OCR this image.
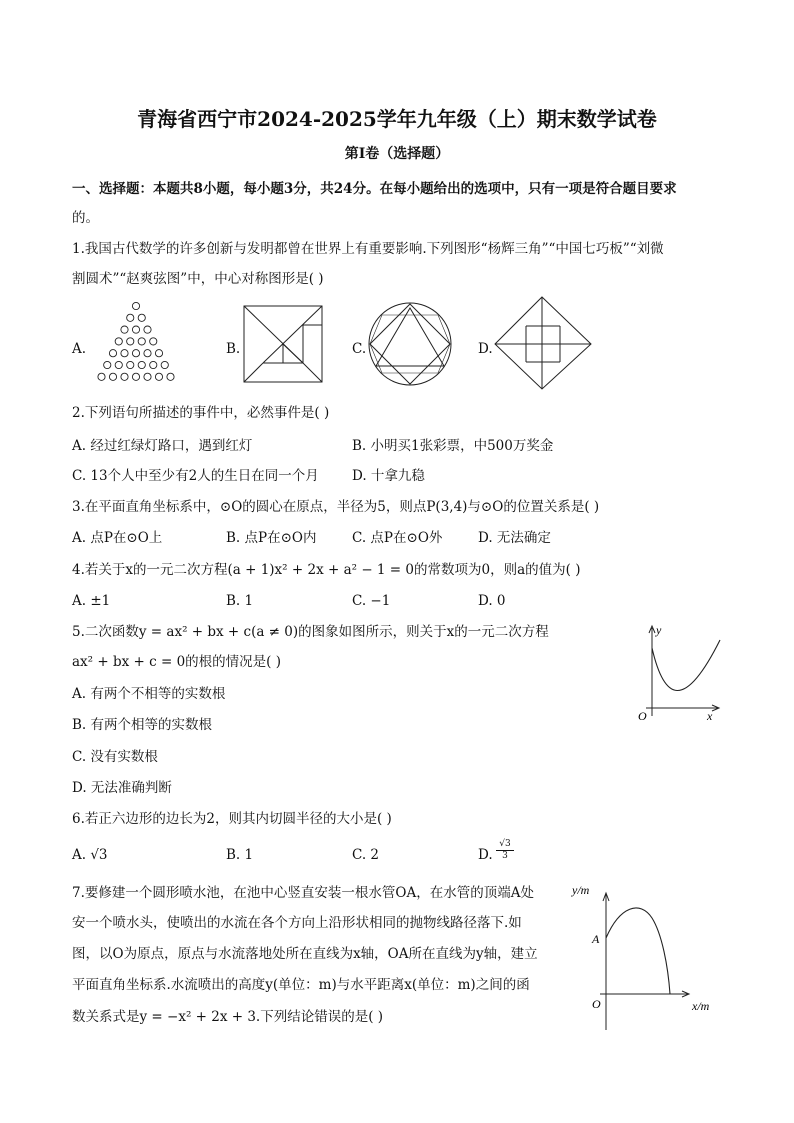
青海省西宁市2024-2025学年九年级（上）期末数学试卷
第Ⅰ卷（选择题）
一、选择题：本题共8小题，每小题3分，共24分。在每小题给出的选项中，只有一项是符合题目要求
的。
1.我国古代数学的许多创新与发明都曾在世界上有重要影响.下列图形“杨辉三角”“中国七巧板”“刘微
割圆术”“赵爽弦图”中，中心对称图形是( )
A.	B.	C.	D.
2.下列语句所描述的事件中，必然事件是( )
A. 经过红绿灯路口，遇到红灯	B. 小明买1张彩票，中500万奖金
C. 13个人中至少有2人的生日在同一个月 D. 十拿九稳
3.在平面直角坐标系中，⊙O的圆心在原点，半径为5，则点P(3,4)与⊙O的位置关系是( )
A. 点P在⊙O上	B. 点P在⊙O内	C. 点P在⊙O外	D. 无法确定
4.若关于x的一元二次方程(a + 1)x² + 2x + a² − 1 = 0的常数项为0，则a的值为( )
A. ±1	B. 1	C. −1	D. 0
5.二次函数y = ax² + bx + c(a ≠ 0)的图象如图所示，则关于x的一元二次方程
ax² + bx + c = 0的根的情况是( )
A. 有两个不相等的实数根
B. 有两个相等的实数根
C. 没有实数根
D. 无法准确判断
y
x
O
6.若正六边形的边长为2，则其内切圆半径的大小是( )
A. √3	B. 1	C. 2	D. $\frac{√3}{3}$
7.要修建一个圆形喷水池，在池中心竖直安装一根水管OA，在水管的顶端A处
安一个喷水头，使喷出的水流在各个方向上沿形状相同的抛物线路径落下.如
图，以O为原点，原点与水流落地处所在直线为x轴，OA所在直线为y轴，建立
平面直角坐标系.水流喷出的高度y(单位：m)与水平距离x(单位：m)之间的函
数关系式是y = −x² + 2x + 3.下列结论错误的是( )
y/m
x/m
O
A
